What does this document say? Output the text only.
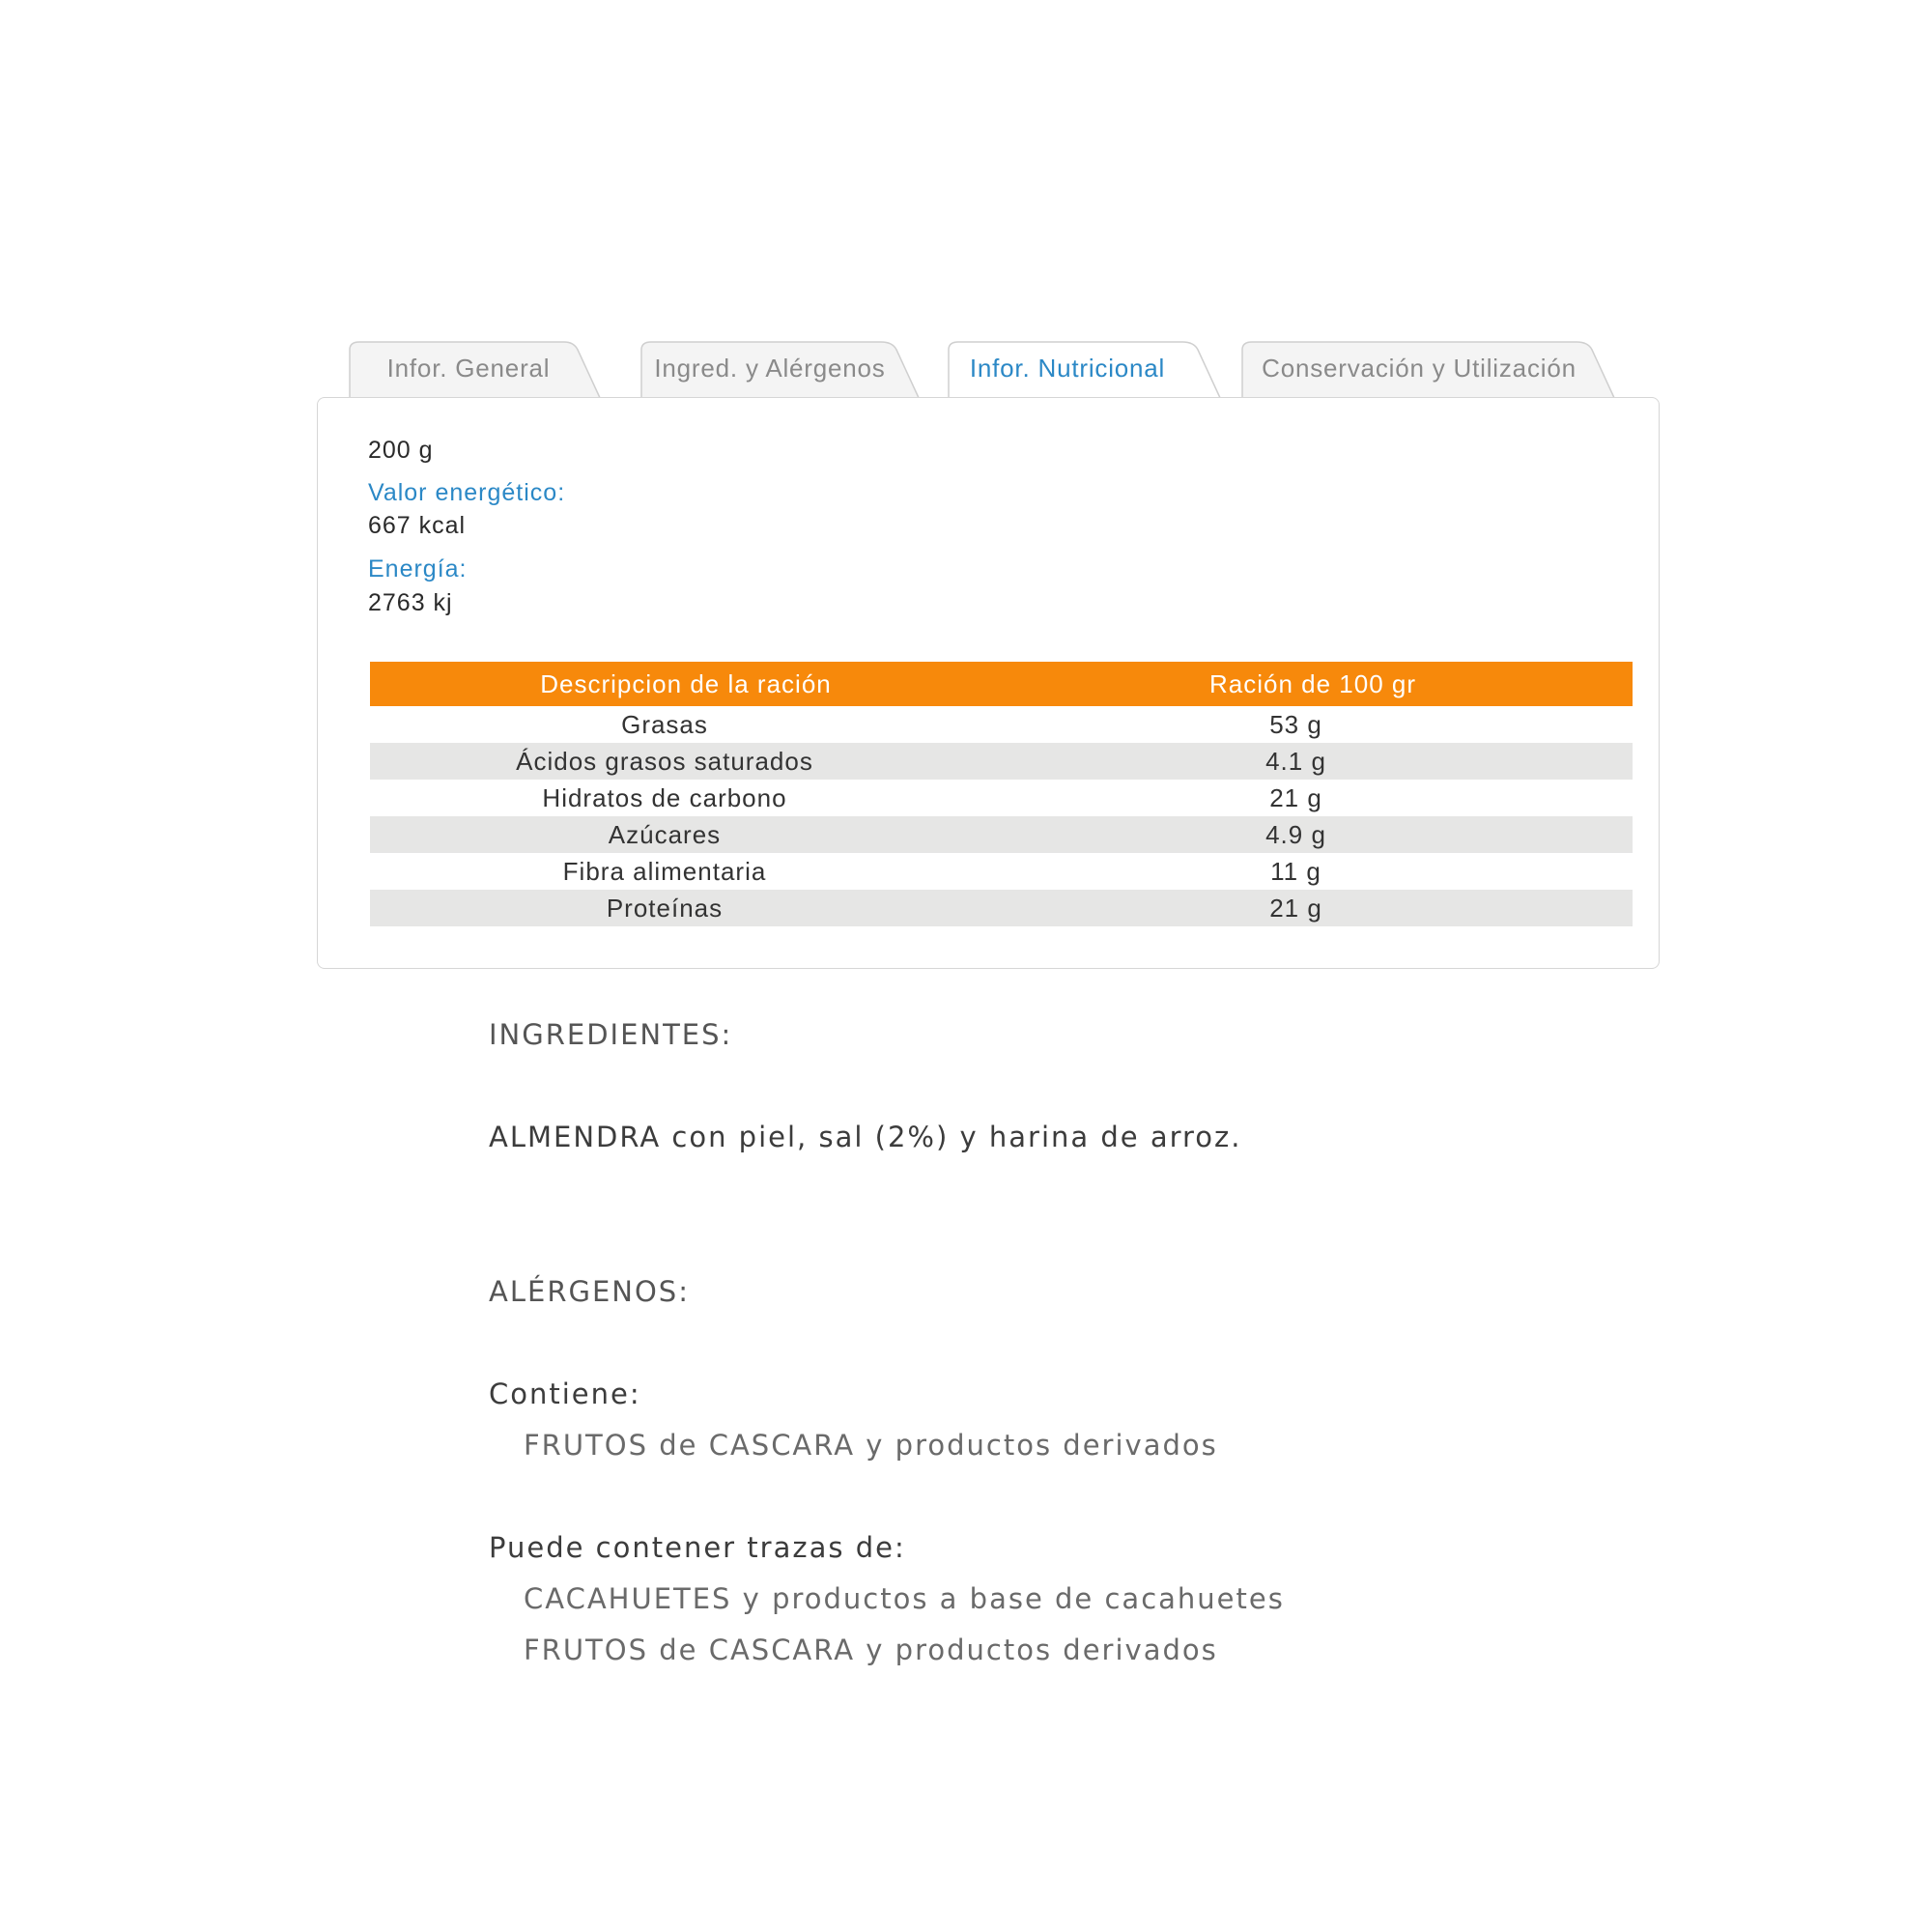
Infor. General	Ingred. y Alérgenos	Infor. Nutricional	Conservación y Utilización
200 g
Valor energético:
667 kcal
Energía:
2763 kj
Descripcion de la ración	Ración de 100 gr
Grasas	53 g
Ácidos grasos saturados	4.1 g
Hidratos de carbono	21 g
Azúcares	4.9 g
Fibra alimentaria	11 g
Proteínas	21 g
INGREDIENTES:
ALMENDRA con piel, sal (2%) y harina de arroz.
ALÉRGENOS:
Contiene:
FRUTOS de CASCARA y productos derivados
Puede contener trazas de:
CACAHUETES y productos a base de cacahuetes
FRUTOS de CASCARA y productos derivados
